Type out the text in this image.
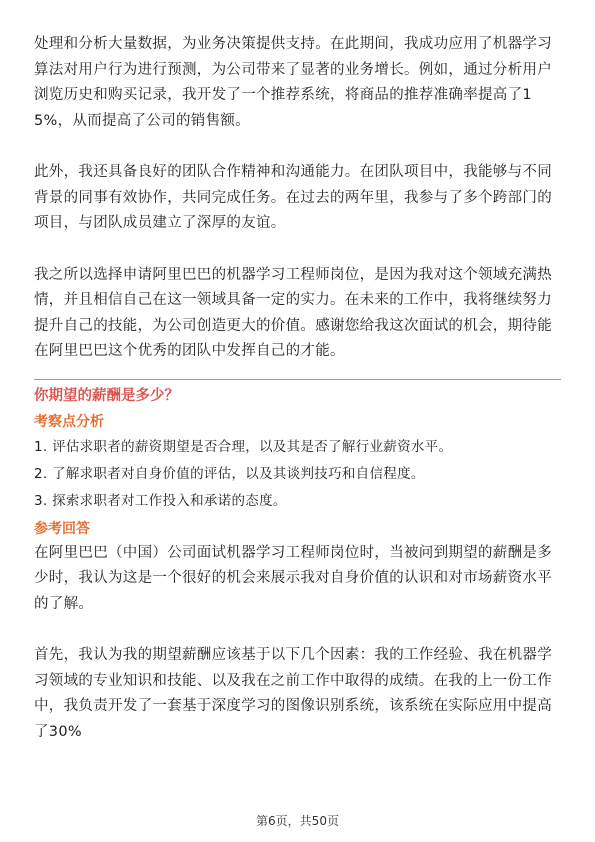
处理和分析大量数据，为业务决策提供支持。在此期间，我成功应用了机器学习算法对用户行为进行预测，为公司带来了显著的业务增长。例如，通过分析用户浏览历史和购买记录，我开发了一个推荐系统，将商品的推荐准确率提高了15%，从而提高了公司的销售额。

此外，我还具备良好的团队合作精神和沟通能力。在团队项目中，我能够与不同背景的同事有效协作，共同完成任务。在过去的两年里，我参与了多个跨部门的项目，与团队成员建立了深厚的友谊。

我之所以选择申请阿里巴巴的机器学习工程师岗位，是因为我对这个领域充满热情，并且相信自己在这一领域具备一定的实力。在未来的工作中，我将继续努力提升自己的技能，为公司创造更大的价值。感谢您给我这次面试的机会，期待能在阿里巴巴这个优秀的团队中发挥自己的才能。

你期望的薪酬是多少？

考察点分析

1. 评估求职者的薪资期望是否合理，以及其是否了解行业薪资水平。

2. 了解求职者对自身价值的评估，以及其谈判技巧和自信程度。

3. 探索求职者对工作投入和承诺的态度。

参考回答

在阿里巴巴（中国）公司面试机器学习工程师岗位时，当被问到期望的薪酬是多少时，我认为这是一个很好的机会来展示我对自身价值的认识和对市场薪资水平的了解。

首先，我认为我的期望薪酬应该基于以下几个因素：我的工作经验、我在机器学习领域的专业知识和技能、以及我在之前工作中取得的成绩。在我的上一份工作中，我负责开发了一套基于深度学习的图像识别系统，该系统在实际应用中提高了30%

第6页，共50页
